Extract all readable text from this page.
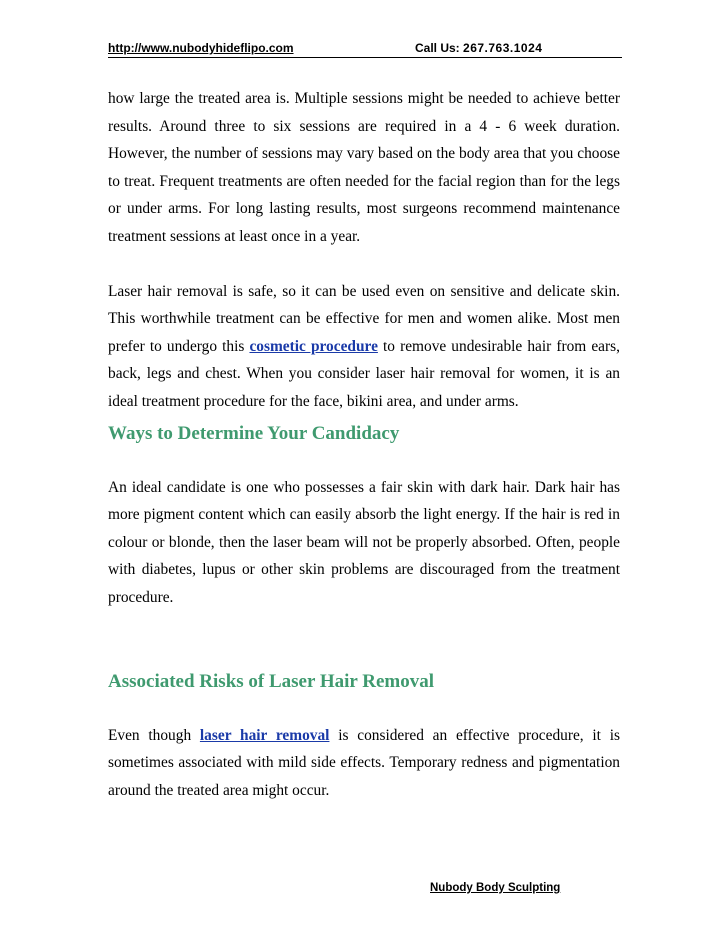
http://www.nubodyhideflipo.com	Call Us: 267.763.1024

how large the treated area is. Multiple sessions might be needed to achieve better results. Around three to six sessions are required in a 4 - 6 week duration. However, the number of sessions may vary based on the body area that you choose to treat. Frequent treatments are often needed for the facial region than for the legs or under arms. For long lasting results, most surgeons recommend maintenance treatment sessions at least once in a year.

Laser hair removal is safe, so it can be used even on sensitive and delicate skin. This worthwhile treatment can be effective for men and women alike. Most men prefer to undergo this cosmetic procedure to remove undesirable hair from ears, back, legs and chest. When you consider laser hair removal for women, it is an ideal treatment procedure for the face, bikini area, and under arms.

Ways to Determine Your Candidacy

An ideal candidate is one who possesses a fair skin with dark hair. Dark hair has more pigment content which can easily absorb the light energy. If the hair is red in colour or blonde, then the laser beam will not be properly absorbed. Often, people with diabetes, lupus or other skin problems are discouraged from the treatment procedure.

Associated Risks of Laser Hair Removal

Even though laser hair removal is considered an effective procedure, it is sometimes associated with mild side effects. Temporary redness and pigmentation around the treated area might occur.

Nubody Body Sculpting
